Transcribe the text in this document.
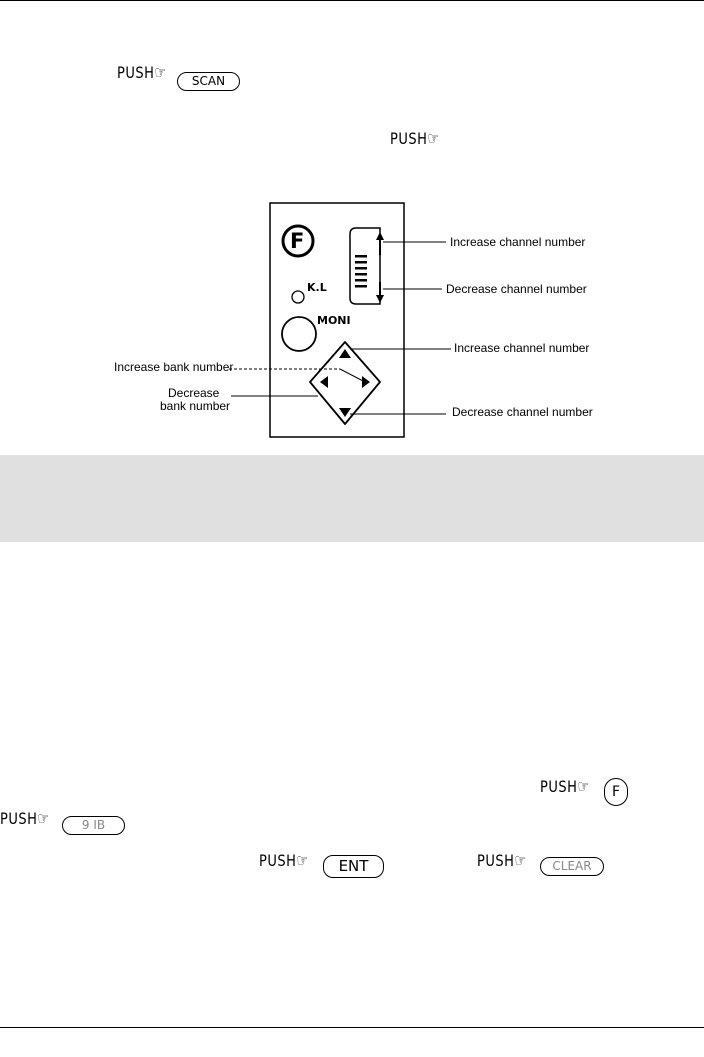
PUSH☞	SCAN
PUSH☞
F
K.L
MONI
Increase channel number
Decrease channel number
Increase channel number
Increase bank number
Decrease
bank number	Decrease channel number
PUSH☞	F
PUSH☞	9 IB
PUSH☞	ENT	PUSH☞	CLEAR
